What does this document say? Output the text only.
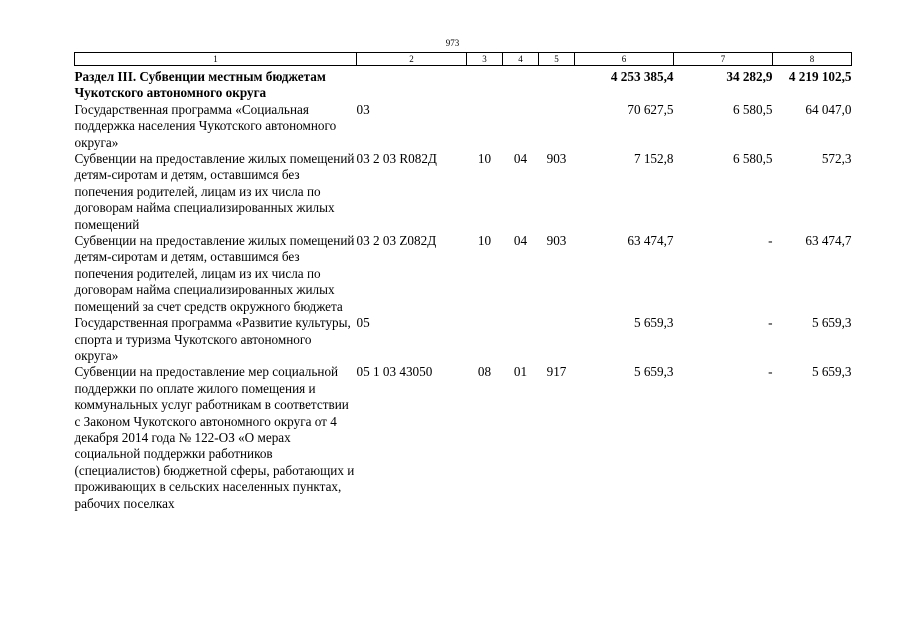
973
1	2	3	4	5	6	7	8
Раздел III. Субвенции местным бюджетам Чукотского автономного округа					4 253 385,4	34 282,9	4 219 102,5
Государственная программа «Социальная поддержка населения Чукотского автономного округа»	03				70 627,5	6 580,5	64 047,0
Субвенции на предоставление жилых помещений детям-сиротам и детям, оставшимся без попечения родителей, лицам из их числа по договорам найма специализированных жилых помещений	03 2 03 R082Д	10	04	903	7 152,8	6 580,5	572,3
Субвенции на предоставление жилых помещений детям-сиротам и детям, оставшимся без попечения родителей, лицам из их числа по договорам найма специализированных жилых помещений за счет средств окружного бюджета	03 2 03 Z082Д	10	04	903	63 474,7	-	63 474,7
Государственная программа «Развитие культуры, спорта и туризма Чукотского автономного округа»	05				5 659,3	-	5 659,3
Субвенции на предоставление мер социальной поддержки по оплате жилого помещения и коммунальных услуг работникам в соответствии с Законом Чукотского автономного округа от 4 декабря 2014 года № 122-ОЗ «О мерах социальной поддержки работников (специалистов) бюджетной сферы, работающих и проживающих в сельских населенных пунктах, рабочих поселках	05 1 03 43050	08	01	917	5 659,3	-	5 659,3
